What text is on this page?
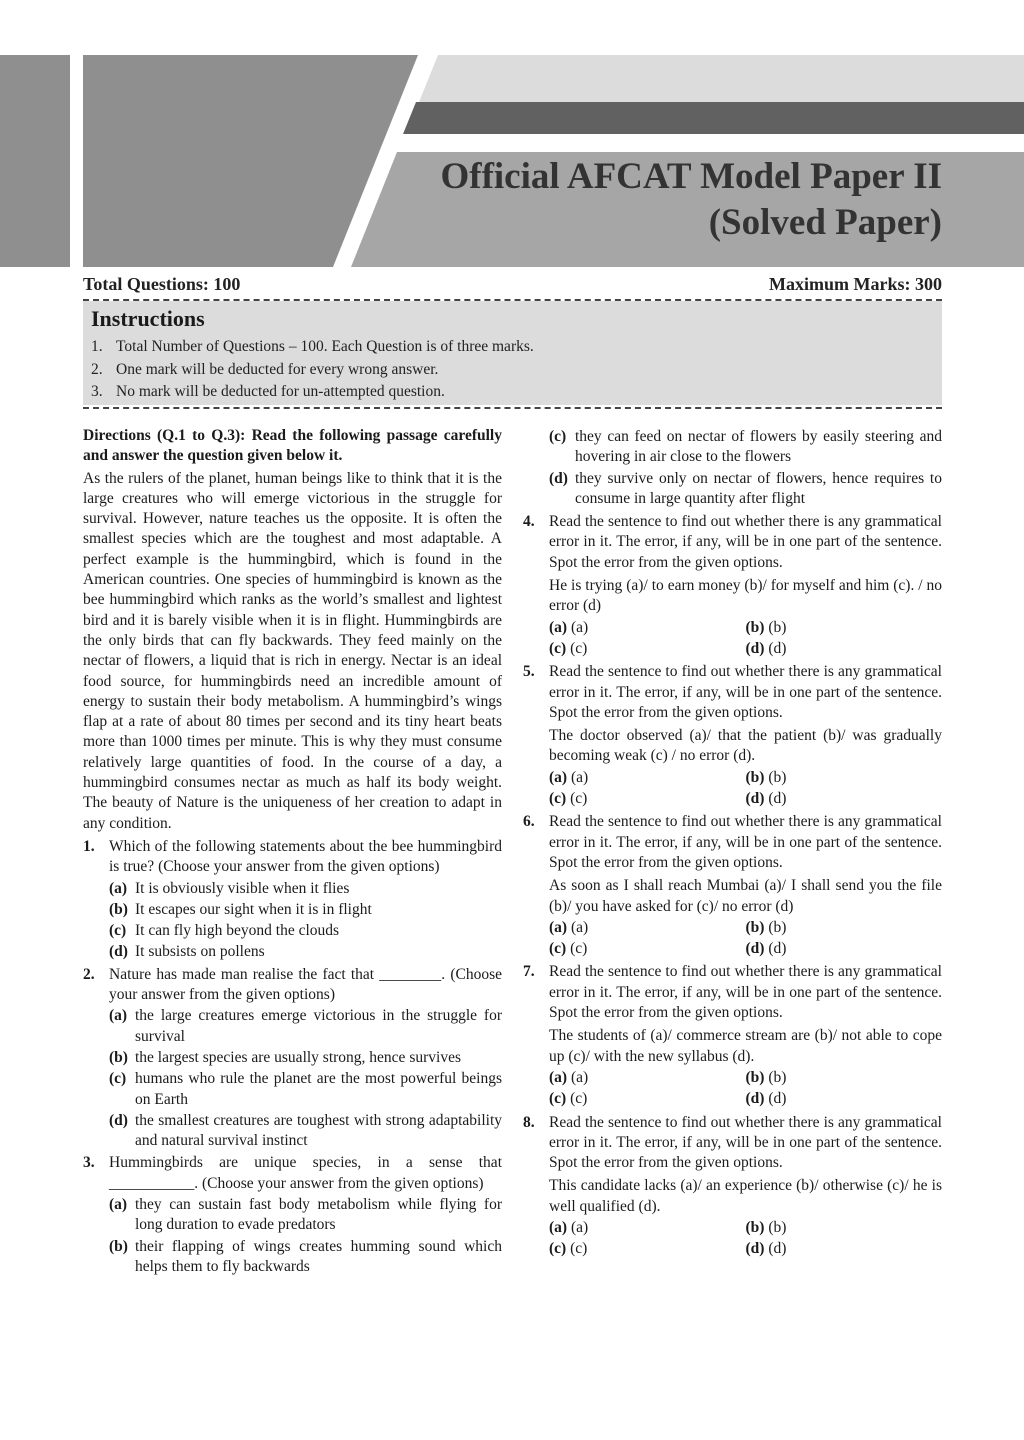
Official AFCAT Model Paper II
(Solved Paper)
Total Questions: 100	Maximum Marks: 300
Instructions
1. Total Number of Questions – 100. Each Question is of three marks.
2. One mark will be deducted for every wrong answer.
3. No mark will be deducted for un-attempted question.

Directions (Q.1 to Q.3): Read the following passage carefully and answer the question given below it.

As the rulers of the planet, human beings like to think that it is the large creatures who will emerge victorious in the struggle for survival. However, nature teaches us the opposite. It is often the smallest species which are the toughest and most adaptable. A perfect example is the hummingbird, which is found in the American countries. One species of hummingbird is known as the bee hummingbird which ranks as the world’s smallest and lightest bird and it is barely visible when it is in flight. Hummingbirds are the only birds that can fly backwards. They feed mainly on the nectar of flowers, a liquid that is rich in energy. Nectar is an ideal food source, for hummingbirds need an incredible amount of energy to sustain their body metabolism. A hummingbird’s wings flap at a rate of about 80 times per second and its tiny heart beats more than 1000 times per minute. This is why they must consume relatively large quantities of food. In the course of a day, a hummingbird consumes nectar as much as half its body weight. The beauty of Nature is the uniqueness of her creation to adapt in any condition.

1. Which of the following statements about the bee hummingbird is true? (Choose your answer from the given options)
(a) It is obviously visible when it flies
(b) It escapes our sight when it is in flight
(c) It can fly high beyond the clouds
(d) It subsists on pollens
2. Nature has made man realise the fact that ________. (Choose your answer from the given options)
(a) the large creatures emerge victorious in the struggle for survival
(b) the largest species are usually strong, hence survives
(c) humans who rule the planet are the most powerful beings on Earth
(d) the smallest creatures are toughest with strong adaptability and natural survival instinct
3. Hummingbirds are unique species, in a sense that ___________. (Choose your answer from the given options)
(a) they can sustain fast body metabolism while flying for long duration to evade predators
(b) their flapping of wings creates humming sound which helps them to fly backwards
(c) they can feed on nectar of flowers by easily steering and hovering in air close to the flowers
(d) they survive only on nectar of flowers, hence requires to consume in large quantity after flight
4. Read the sentence to find out whether there is any grammatical error in it. The error, if any, will be in one part of the sentence. Spot the error from the given options.
He is trying (a)/ to earn money (b)/ for myself and him (c). / no error (d)
(a) (a)	(b) (b)
(c) (c)	(d) (d)
5. Read the sentence to find out whether there is any grammatical error in it. The error, if any, will be in one part of the sentence. Spot the error from the given options.
The doctor observed (a)/ that the patient (b)/ was gradually becoming weak (c) / no error (d).
(a) (a)	(b) (b)
(c) (c)	(d) (d)
6. Read the sentence to find out whether there is any grammatical error in it. The error, if any, will be in one part of the sentence. Spot the error from the given options.
As soon as I shall reach Mumbai (a)/ I shall send you the file (b)/ you have asked for (c)/ no error (d)
(a) (a)	(b) (b)
(c) (c)	(d) (d)
7. Read the sentence to find out whether there is any grammatical error in it. The error, if any, will be in one part of the sentence. Spot the error from the given options.
The students of (a)/ commerce stream are (b)/ not able to cope up (c)/ with the new syllabus (d).
(a) (a)	(b) (b)
(c) (c)	(d) (d)
8. Read the sentence to find out whether there is any grammatical error in it. The error, if any, will be in one part of the sentence. Spot the error from the given options.
This candidate lacks (a)/ an experience (b)/ otherwise (c)/ he is well qualified (d).
(a) (a)	(b) (b)
(c) (c)	(d) (d)
